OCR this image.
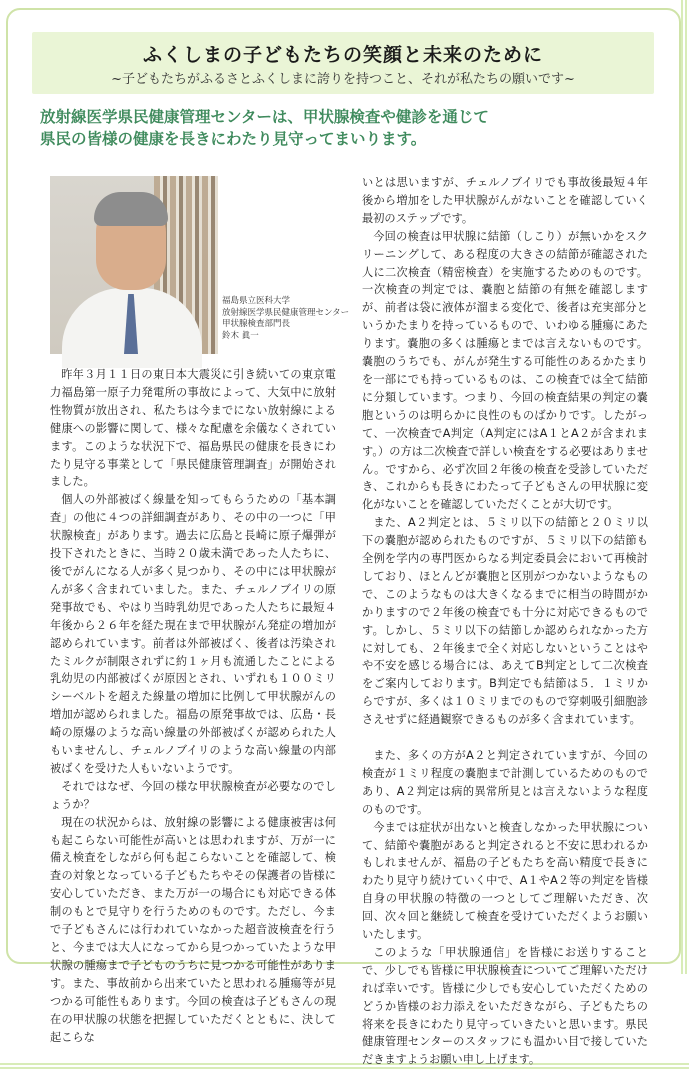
ふくしまの子どもたちの笑顔と未来のために
~子どもたちがふるさとふくしまに誇りを持つこと、それが私たちの願いです~
放射線医学県民健康管理センターは、甲状腺検査や健診を通じて
県民の皆様の健康を長きにわたり見守ってまいります。
福島県立医科大学
放射線医学県民健康管理センター
甲状腺検査部門長
鈴木 眞一

昨年３月１１日の東日本大震災に引き続いての東京電力福島第一原子力発電所の事故によって、大気中に放射性物質が放出され、私たちは今までにない放射線による健康への影響に関して、様々な配慮を余儀なくされています。このような状況下で、福島県民の健康を長きにわたり見守る事業として「県民健康管理調査」が開始されました。

個人の外部被ばく線量を知ってもらうための「基本調査」の他に４つの詳細調査があり、その中の一つに「甲状腺検査」があります。過去に広島と長崎に原子爆弾が投下されたときに、当時２０歳未満であった人たちに、後でがんになる人が多く見つかり、その中には甲状腺がんが多く含まれていました。また、チェルノブイリの原発事故でも、やはり当時乳幼児であった人たちに最短４年後から２６年を経た現在まで甲状腺がん発症の増加が認められています。前者は外部被ばく、後者は汚染されたミルクが制限されずに約１ヶ月も流通したことによる乳幼児の内部被ばくが原因とされ、いずれも１００ミリシーベルトを超えた線量の増加に比例して甲状腺がんの増加が認められました。福島の原発事故では、広島・長崎の原爆のような高い線量の外部被ばくが認められた人もいませんし、チェルノブイリのような高い線量の内部被ばくを受けた人もいないようです。

それではなぜ、今回の様な甲状腺検査が必要なのでしょうか？

現在の状況からは、放射線の影響による健康被害は何も起こらない可能性が高いとは思われますが、万が一に備え検査をしながら何も起こらないことを確認して、検査の対象となっている子どもたちやその保護者の皆様に安心していただき、また万が一の場合にも対応できる体制のもとで見守りを行うためのものです。ただし、今まで子どもさんには行われていなかった超音波検査を行うと、今までは大人になってから見つかっていたような甲状腺の腫瘍まで子どものうちに見つかる可能性があります。また、事故前から出来ていたと思われる腫瘍等が見つかる可能性もあります。今回の検査は子どもさんの現在の甲状腺の状態を把握していただくとともに、決して起こらな

いとは思いますが、チェルノブイリでも事故後最短４年後から増加をした甲状腺がんがないことを確認していく最初のステップです。

今回の検査は甲状腺に結節（しこり）が無いかをスクリーニングして、ある程度の大きさの結節が確認された人に二次検査（精密検査）を実施するためのものです。一次検査の判定では、嚢胞と結節の有無を確認しますが、前者は袋に液体が溜まる変化で、後者は充実部分というかたまりを持っているもので、いわゆる腫瘍にあたります。嚢胞の多くは腫瘍とまでは言えないものです。嚢胞のうちでも、がんが発生する可能性のあるかたまりを一部にでも持っているものは、この検査では全て結節に分類しています。つまり、今回の検査結果の判定の嚢胞というのは明らかに良性のものばかりです。したがって、一次検査でA判定（A判定にはA１とA２が含まれます。）の方は二次検査で詳しい検査をする必要はありません。ですから、必ず次回２年後の検査を受診していただき、これからも長きにわたって子どもさんの甲状腺に変化がないことを確認していただくことが大切です。

また、A２判定とは、５ミリ以下の結節と２０ミリ以下の嚢胞が認められたものですが、５ミリ以下の結節も全例を学内の専門医からなる判定委員会において再検討しており、ほとんどが嚢胞と区別がつかないようなもので、このようなものは大きくなるまでに相当の時間がかかりますので２年後の検査でも十分に対応できるものです。しかし、５ミリ以下の結節しか認められなかった方に対しても、２年後まで全く対応しないということはやや不安を感じる場合には、あえてB判定として二次検査をご案内しております。B判定でも結節は５．１ミリからですが、多くは１０ミリまでのもので穿刺吸引細胞診さえせずに経過観察できるものが多く含まれています。

また、多くの方がA２と判定されていますが、今回の検査が１ミリ程度の嚢胞まで計測しているためのものであり、A２判定は病的異常所見とは言えないような程度のものです。

今までは症状が出ないと検査しなかった甲状腺について、結節や嚢胞があると判定されると不安に思われるかもしれませんが、福島の子どもたちを高い精度で長きにわたり見守り続けていく中で、A１やA２等の判定を皆様自身の甲状腺の特徴の一つとしてご理解いただき、次回、次々回と継続して検査を受けていただくようお願いいたします。

このような「甲状腺通信」を皆様にお送りすることで、少しでも皆様に甲状腺検査についてご理解いただければ幸いです。皆様に少しでも安心していただくためのどうか皆様のお力添えをいただきながら、子どもたちの将来を長きにわたり見守っていきたいと思います。県民健康管理センターのスタッフにも温かい目で接していただきますようお願い申し上げます。
